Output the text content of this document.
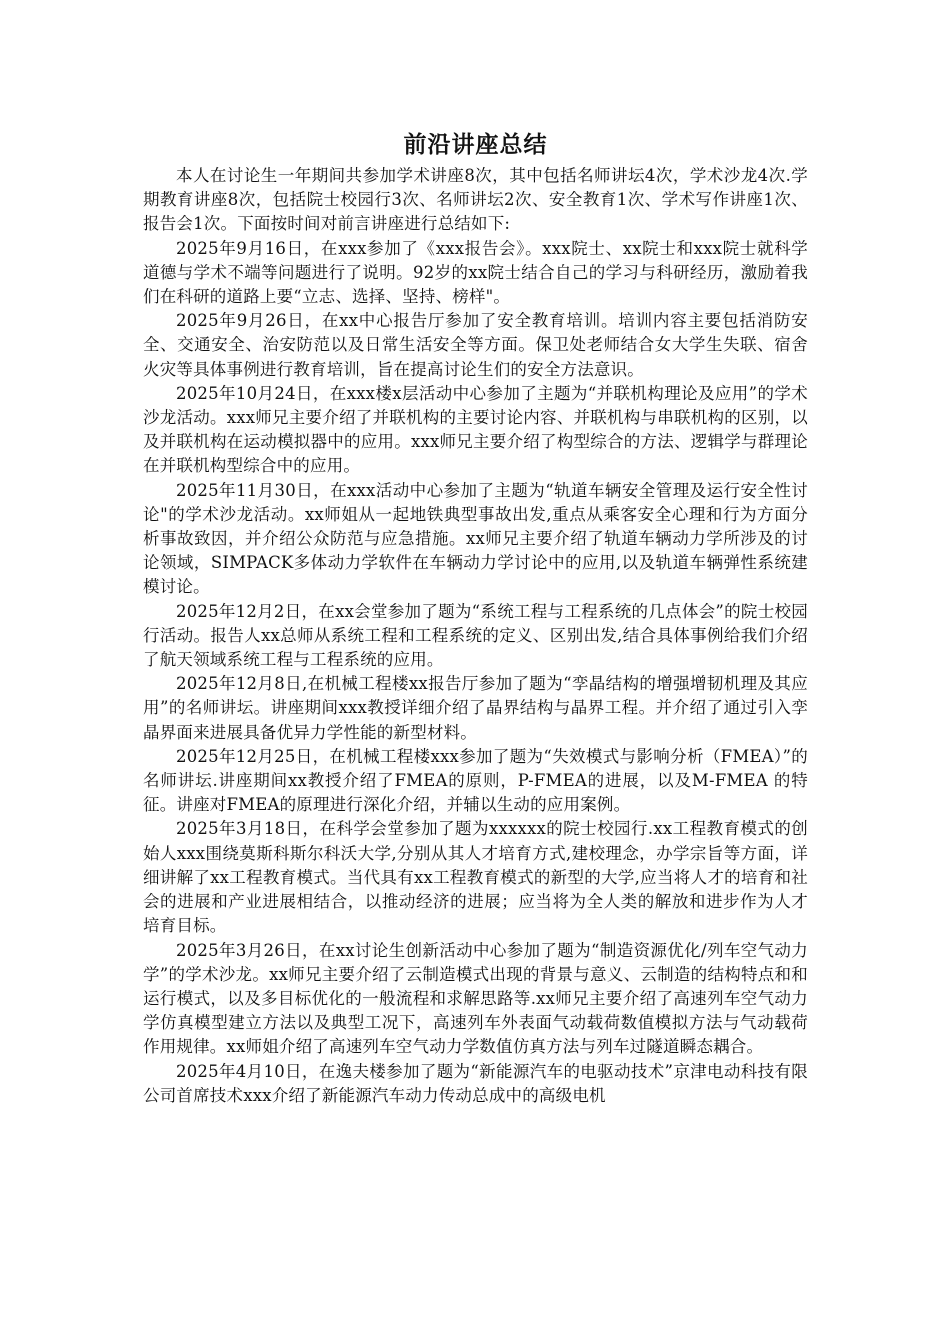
前沿讲座总结

本人在讨论生一年期间共参加学术讲座8次，其中包括名师讲坛4次，学术沙龙4次.学期教育讲座8次，包括院士校园行3次、名师讲坛2次、安全教育1次、学术写作讲座1次、报告会1次。下面按时间对前言讲座进行总结如下:

2025年9月16日，在xxx参加了《xxx报告会》。xxx院士、xx院士和xxx院士就科学道德与学术不端等问题进行了说明。92岁的xx院士结合自己的学习与科研经历，激励着我们在科研的道路上要“立志、选择、坚持、榜样"。

2025年9月26日，在xx中心报告厅参加了安全教育培训。培训内容主要包括消防安全、交通安全、治安防范以及日常生活安全等方面。保卫处老师结合女大学生失联、宿舍火灾等具体事例进行教育培训，旨在提高讨论生们的安全方法意识。

2025年10月24日，在xxx楼x层活动中心参加了主题为“并联机构理论及应用”的学术沙龙活动。xxx师兄主要介绍了并联机构的主要讨论内容、并联机构与串联机构的区别，以及并联机构在运动模拟器中的应用。xxx师兄主要介绍了构型综合的方法、逻辑学与群理论在并联机构型综合中的应用。

2025年11月30日，在xxx活动中心参加了主题为“轨道车辆安全管理及运行安全性讨论"的学术沙龙活动。xx师姐从一起地铁典型事故出发,重点从乘客安全心理和行为方面分析事故致因，并介绍公众防范与应急措施。xx师兄主要介绍了轨道车辆动力学所涉及的讨论领域，SIMPACK多体动力学软件在车辆动力学讨论中的应用,以及轨道车辆弹性系统建模讨论。

2025年12月2日，在xx会堂参加了题为“系统工程与工程系统的几点体会”的院士校园行活动。报告人xx总师从系统工程和工程系统的定义、区别出发,结合具体事例给我们介绍了航天领域系统工程与工程系统的应用。

2025年12月8日,在机械工程楼xx报告厅参加了题为“孪晶结构的增强增韧机理及其应用”的名师讲坛。讲座期间xxx教授详细介绍了晶界结构与晶界工程。并介绍了通过引入孪晶界面来进展具备优异力学性能的新型材料。

2025年12月25日，在机械工程楼xxx参加了题为“失效模式与影响分析（FMEA）”的名师讲坛.讲座期间xx教授介绍了FMEA的原则，P-FMEA的进展，以及M-FMEA 的特征。讲座对FMEA的原理进行深化介绍，并辅以生动的应用案例。

2025年3月18日，在科学会堂参加了题为xxxxxx的院士校园行.xx工程教育模式的创始人xxx围绕莫斯科斯尔科沃大学,分别从其人才培育方式,建校理念，办学宗旨等方面，详细讲解了xx工程教育模式。当代具有xx工程教育模式的新型的大学,应当将人才的培育和社会的进展和产业进展相结合，以推动经济的进展；应当将为全人类的解放和进步作为人才培育目标。

2025年3月26日，在xx讨论生创新活动中心参加了题为“制造资源优化/列车空气动力学”的学术沙龙。xx师兄主要介绍了云制造模式出现的背景与意义、云制造的结构特点和和运行模式，以及多目标优化的一般流程和求解思路等.xx师兄主要介绍了高速列车空气动力学仿真模型建立方法以及典型工况下，高速列车外表面气动载荷数值模拟方法与气动载荷作用规律。xx师姐介绍了高速列车空气动力学数值仿真方法与列车过隧道瞬态耦合。

2025年4月10日，在逸夫楼参加了题为“新能源汽车的电驱动技术”京津电动科技有限公司首席技术xxx介绍了新能源汽车动力传动总成中的高级电机
